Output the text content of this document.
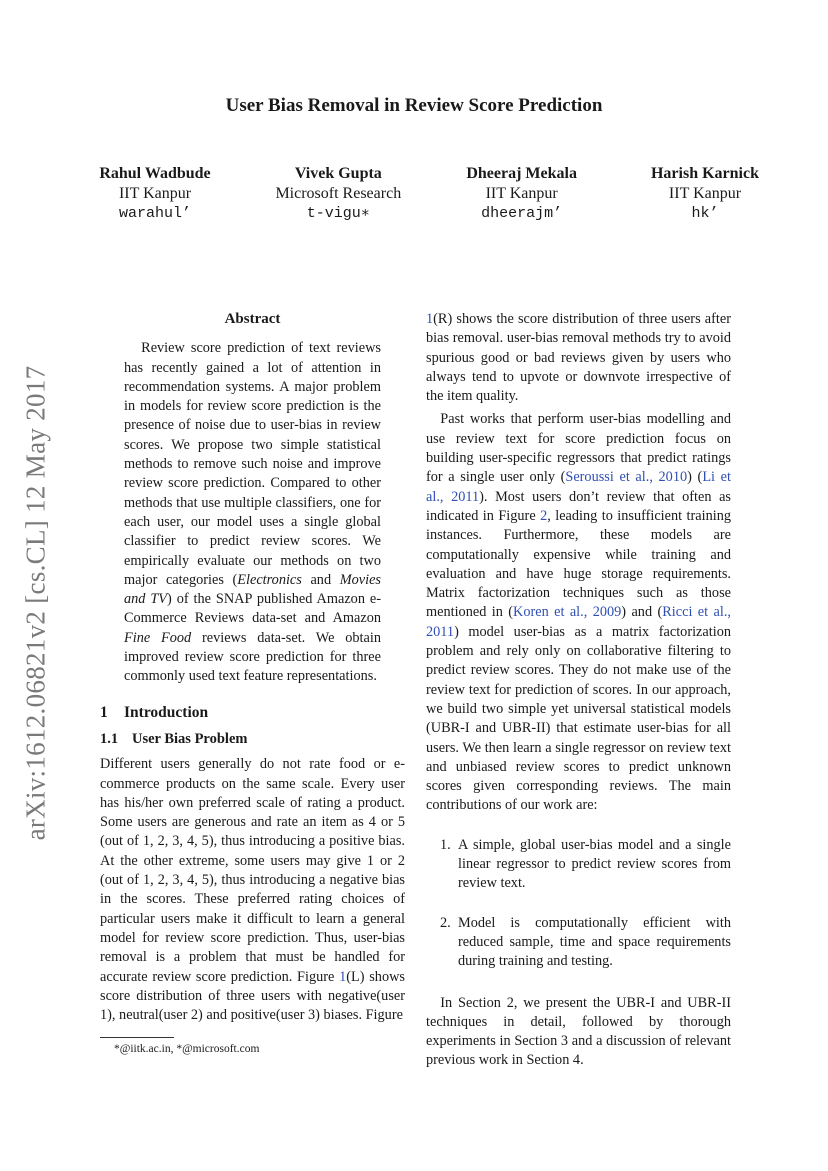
arXiv:1612.06821v2 [cs.CL] 12 May 2017
User Bias Removal in Review Score Prediction
Rahul Wadbude
IIT Kanpur
warahul’
Vivek Gupta
Microsoft Research
t-vigu∗
Dheeraj Mekala
IIT Kanpur
dheerajm’
Harish Karnick
IIT Kanpur
hk’
Abstract

Review score prediction of text reviews has recently gained a lot of attention in recommendation systems. A major problem in models for review score prediction is the presence of noise due to user-bias in review scores. We propose two simple statistical methods to remove such noise and improve review score prediction. Compared to other methods that use multiple classifiers, one for each user, our model uses a single global classifier to predict review scores. We empirically evaluate our methods on two major categories (Electronics and Movies and TV) of the SNAP published Amazon e-Commerce Reviews data-set and Amazon Fine Food reviews data-set. We obtain improved review score prediction for three commonly used text feature representations.

1 Introduction
1.1 User Bias Problem

Different users generally do not rate food or e-commerce products on the same scale. Every user has his/her own preferred scale of rating a product. Some users are generous and rate an item as 4 or 5 (out of 1, 2, 3, 4, 5), thus introducing a positive bias. At the other extreme, some users may give 1 or 2 (out of 1, 2, 3, 4, 5), thus introducing a negative bias in the scores. These preferred rating choices of particular users make it difficult to learn a general model for review score prediction. Thus, user-bias removal is a problem that must be handled for accurate review score prediction. Figure 1(L) shows score distribution of three users with negative(user 1), neutral(user 2) and positive(user 3) biases. Figure

*@iitk.ac.in, *@microsoft.com

1(R) shows the score distribution of three users after bias removal. user-bias removal methods try to avoid spurious good or bad reviews given by users who always tend to upvote or downvote irrespective of the item quality.

Past works that perform user-bias modelling and use review text for score prediction focus on building user-specific regressors that predict ratings for a single user only (Seroussi et al., 2010) (Li et al., 2011). Most users don’t review that often as indicated in Figure 2, leading to insufficient training instances. Furthermore, these models are computationally expensive while training and evaluation and have huge storage requirements. Matrix factorization techniques such as those mentioned in (Koren et al., 2009) and (Ricci et al., 2011) model user-bias as a matrix factorization problem and rely only on collaborative filtering to predict review scores. They do not make use of the review text for prediction of scores. In our approach, we build two simple yet universal statistical models (UBR-I and UBR-II) that estimate user-bias for all users. We then learn a single regressor on review text and unbiased review scores to predict unknown scores given corresponding reviews. The main contributions of our work are:

1. A simple, global user-bias model and a single linear regressor to predict review scores from review text.
2. Model is computationally efficient with reduced sample, time and space requirements during training and testing.

In Section 2, we present the UBR-I and UBR-II techniques in detail, followed by thorough experiments in Section 3 and a discussion of relevant previous work in Section 4.
